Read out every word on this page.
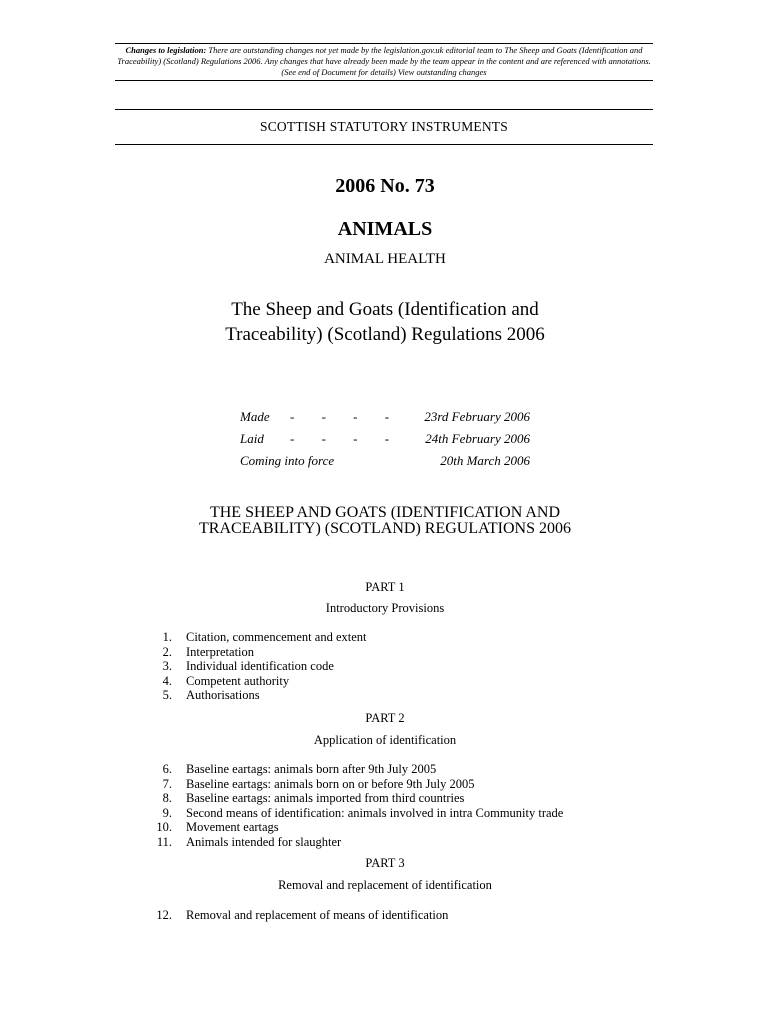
Changes to legislation: There are outstanding changes not yet made by the legislation.gov.uk editorial team to The Sheep and Goats (Identification and Traceability) (Scotland) Regulations 2006. Any changes that have already been made by the team appear in the content and are referenced with annotations. (See end of Document for details) View outstanding changes
SCOTTISH STATUTORY INSTRUMENTS
2006 No. 73
ANIMALS
ANIMAL HEALTH
The Sheep and Goats (Identification and
Traceability) (Scotland) Regulations 2006
Made - - - - 23rd February 2006
Laid - - - - 24th February 2006
Coming into force	20th March 2006
THE SHEEP AND GOATS (IDENTIFICATION AND
TRACEABILITY) (SCOTLAND) REGULATIONS 2006
PART 1
Introductory Provisions
1. Citation, commencement and extent
2. Interpretation
3. Individual identification code
4. Competent authority
5. Authorisations
PART 2
Application of identification
6. Baseline eartags: animals born after 9th July 2005
7. Baseline eartags: animals born on or before 9th July 2005
8. Baseline eartags: animals imported from third countries
9. Second means of identification: animals involved in intra Community trade
10. Movement eartags
11. Animals intended for slaughter
PART 3
Removal and replacement of identification
12. Removal and replacement of means of identification
